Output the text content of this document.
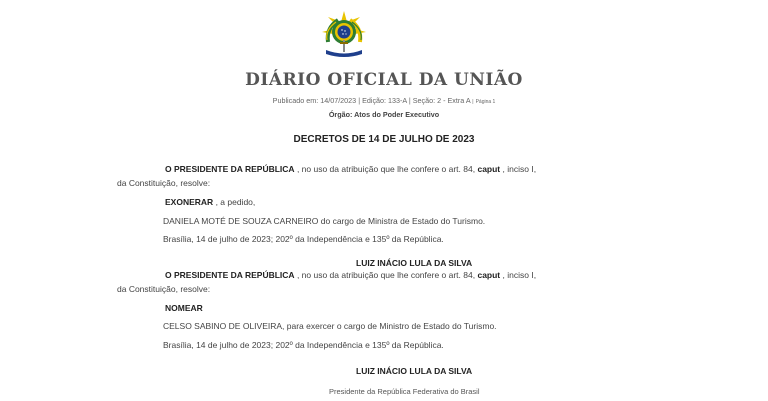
DIÁRIO OFICIAL DA UNIÃO
Publicado em: 14/07/2023 | Edição: 133-A | Seção: 2 - Extra A | Página 1
Órgão: Atos do Poder Executivo
DECRETOS DE 14 DE JULHO DE 2023
O PRESIDENTE DA REPÚBLICA , no uso da atribuição que lhe confere o art. 84, caput , inciso I,
da Constituição, resolve:
EXONERAR , a pedido,
DANIELA MOTÉ DE SOUZA CARNEIRO do cargo de Ministra de Estado do Turismo.
Brasília, 14 de julho de 2023; 202º da Independência e 135º da República.
LUIZ INÁCIO LULA DA SILVA
O PRESIDENTE DA REPÚBLICA , no uso da atribuição que lhe confere o art. 84, caput , inciso I,
da Constituição, resolve:
NOMEAR
CELSO SABINO DE OLIVEIRA, para exercer o cargo de Ministro de Estado do Turismo.
Brasília, 14 de julho de 2023; 202º da Independência e 135º da República.
LUIZ INÁCIO LULA DA SILVA
Presidente da República Federativa do Brasil
